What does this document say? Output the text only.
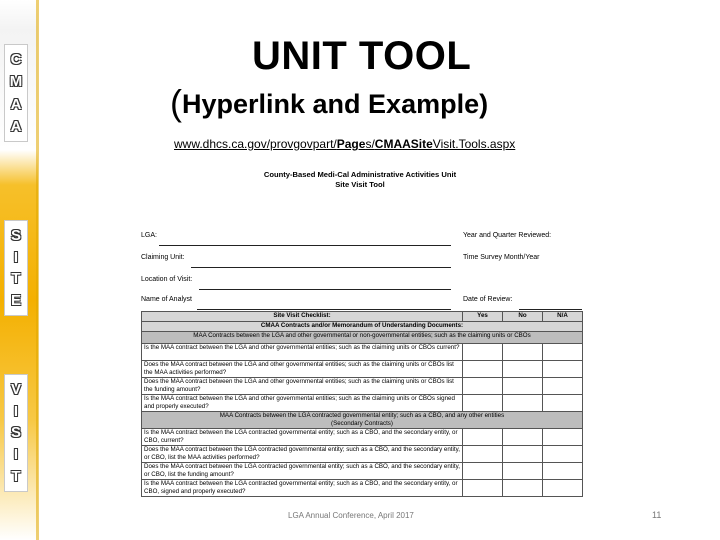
C
M
A
A
S
I
T
E
V
I
S
I
T
UNIT TOOL
(Hyperlink and Example)
www.dhcs.ca.gov/provgovpart/Pages/CMAASiteVisit.Tools.aspx
County-Based Medi-Cal Administrative Activities Unit
Site Visit Tool
LGA:	Year and Quarter Reviewed:
Claiming Unit:	Time Survey Month/Year
Location of Visit:
Name of Analyst	Date of Review:
Site Visit Checklist:	Yes	No	N/A
CMAA Contracts and/or Memorandum of Understanding Documents:			
MAA Contracts between the LGA and other governmental or non-governmental entities; such as the claiming units or CBOs			
Is the MAA contract between the LGA and other governmental entities; such as the claiming units or CBOs current?			
Does the MAA contract between the LGA and other governmental entities; such as the claiming units or CBOs list the MAA activities performed?			
Does the MAA contract between the LGA and other governmental entities; such as the claiming units or CBOs list the funding amount?			
Is the MAA contract between the LGA and other governmental entities; such as the claiming units or CBOs signed and properly executed?			

MAA Contracts between the LGA contracted governmental entity; such as a CBO, and any other entities
(Secondary Contracts)			

Is the MAA contract between the LGA contracted governmental entity; such as a CBO, and the secondary entity, or CBO, current?			
Does the MAA contract between the LGA contracted governmental entity; such as a CBO, and the secondary entity, or CBO, list the MAA activities performed?			
Does the MAA contract between the LGA contracted governmental entity; such as a CBO, and the secondary entity, or CBO, list the funding amount?			
Is the MAA contract between the LGA contracted governmental entity; such as a CBO, and the secondary entity, or CBO, signed and properly executed?			
LGA Annual Conference, April 2017	11
